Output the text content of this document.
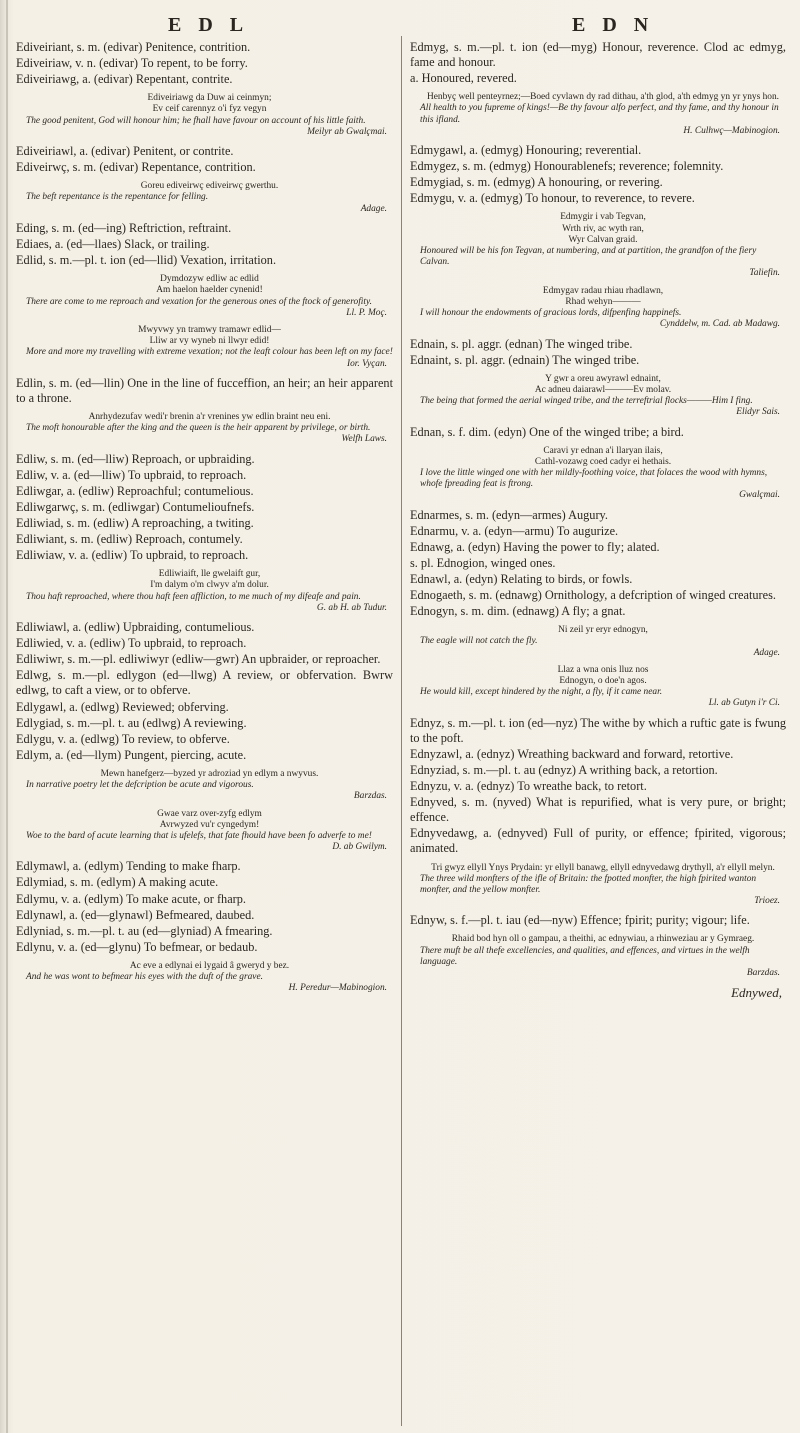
E D L	E D N
Ediveiriant, s. m. (edivar) Penitence, contrition.
Ediveiriaw, v. n. (edivar) To repent, to be forry.
Ediveiriawg, a. (edivar) Repentant, contrite.
Ediveiriawg da Duw ai ceinmyn;
Ev ceif carennyz o'i fyz vegyn
The good penitent, God will honour him; he fhall have favour on account of his little faith.
Meilyr ab Gwalçmai.
Ediveiriawl, a. (edivar) Penitent, or contrite.
Ediveirwç, s. m. (edivar) Repentance, contrition.
Goreu ediveirwç ediveirwç gwerthu.
The beft repentance is the repentance for felling.
Adage.
Eding, s. m. (ed—ing) Reftriction, reftraint.
Ediaes, a. (ed—llaes) Slack, or trailing.
Edlid, s. m.—pl. t. ion (ed—llid) Vexation, irritation.
Dymdozyw edliw ac edlid
Am haelon haelder cynenid!
There are come to me reproach and vexation for the generous ones of the ftock of generofity.
Ll. P. Moç.
Mwyvwy yn tramwy tramawr edlid—
Lliw ar vy wyneb ni llwyr edid!
More and more my travelling with extreme vexation; not the leaft colour has been left on my face!
Ior. Vyçan.
Edlin, s. m. (ed—llin) One in the line of fucceffion, an heir; an heir apparent to a throne.
Anrhydezufav wedi'r brenin a'r vrenines yw edlin braint neu eni.
The moft honourable after the king and the queen is the heir apparent by privilege, or birth.
Welfh Laws.
Edliw, s. m. (ed—lliw) Reproach, or upbraiding.
Edliw, v. a. (ed—lliw) To upbraid, to reproach.
Edliwgar, a. (edliw) Reproachful; contumelious.
Edliwgarwç, s. m. (edliwgar) Contumelioufnefs.
Edliwiad, s. m. (edliw) A reproaching, a twiting.
Edliwiant, s. m. (edliw) Reproach, contumely.
Edliwiaw, v. a. (edliw) To upbraid, to reproach.
Edliwiaift, lle gwelaift gur,
I'm dalym o'm clwyv a'm dolur.
Thou haft reproached, where thou haft feen affliction, to me much of my difeafe and pain.
G. ab H. ab Tudur.
Edliwiawl, a. (edliw) Upbraiding, contumelious.
Edliwied, v. a. (edliw) To upbraid, to reproach.
Edliwiwr, s. m.—pl. edliwiwyr (edliw—gwr) An upbraider, or reproacher.
Edlwg, s. m.—pl. edlygon (ed—llwg) A review, or obfervation. Bwrw edlwg, to caft a view, or to obferve.
Edlygawl, a. (edlwg) Reviewed; obferving.
Edlygiad, s. m.—pl. t. au (edlwg) A reviewing.
Edlygu, v. a. (edlwg) To review, to obferve.
Edlym, a. (ed—llym) Pungent, piercing, acute.
Mewn hanefgerz—byzed yr adroziad yn edlym a nwyvus.
In narrative poetry let the defcription be acute and vigorous.
Barzdas.
Gwae varz over-zyfg edlym
Avrwyzed vu'r cyngedym!
Woe to the bard of acute learning that is ufelefs, that fate fhould have been fo adverfe to me!
D. ab Gwilym.
Edlymawl, a. (edlym) Tending to make fharp.
Edlymiad, s. m. (edlym) A making acute.
Edlymu, v. a. (edlym) To make acute, or fharp.
Edlynawl, a. (ed—glynawl) Befmeared, daubed.
Edlyniad, s. m.—pl. t. au (ed—glyniad) A fmearing.
Edlynu, v. a. (ed—glynu) To befmear, or bedaub.
Ac eve a edlynai ei lygaid â gweryd y bez.
And he was wont to befmear his eyes with the duft of the grave.
H. Peredur—Mabinogion.
Edmyg, s. m.—pl. t. ion (ed—myg) Honour, reverence. Clod ac edmyg, fame and honour.
a. Honoured, revered.
Henbyç well penteyrnez;—Boed cyvlawn dy rad dithau, a'th glod, a'th edmyg yn yr ynys hon.
All health to you fupreme of kings!—Be thy favour alfo perfect, and thy fame, and thy honour in this ifland.
H. Culhwç—Mabinogion.
Edmygawl, a. (edmyg) Honouring; reverential.
Edmygez, s. m. (edmyg) Honourablenefs; reverence; folemnity.
Edmygiad, s. m. (edmyg) A honouring, or revering.
Edmygu, v. a. (edmyg) To honour, to reverence, to revere.
Edmygir i vab Tegvan,
Wrth riv, ac wyth ran,
Wyr Calvan graid.
Honoured will be his fon Tegvan, at numbering, and at partition, the grandfon of the fiery Calvan.
Taliefin.
Edmygav radau rhiau rhadlawn,
Rhad wehyn———
I will honour the endowments of gracious lords, difpenfing happinefs.
Cynddelw, m. Cad. ab Madawg.
Ednain, s. pl. aggr. (ednan) The winged tribe.
Ednaint, s. pl. aggr. (ednain) The winged tribe.
Y gwr a oreu awyrawl ednaint,
Ac adneu daiarawl———Ev molav.
The being that formed the aerial winged tribe, and the terreftrial flocks———Him I fing.
Elidyr Sais.
Ednan, s. f. dim. (edyn) One of the winged tribe; a bird.
Caravi yr ednan a'i llaryan ilais,
Cathl-vozawg coed cadyr ei hethais.
I love the little winged one with her mildly-foothing voice, that folaces the wood with hymns, whofe fpreading feat is ftrong.
Gwalçmai.
Ednarmes, s. m. (edyn—armes) Augury.
Ednarmu, v. a. (edyn—armu) To augurize.
Ednawg, a. (edyn) Having the power to fly; alated.
s. pl. Ednogion, winged ones.
Ednawl, a. (edyn) Relating to birds, or fowls.
Ednogaeth, s. m. (ednawg) Ornithology, a defcription of winged creatures.
Ednogyn, s. m. dim. (ednawg) A fly; a gnat.
Ni zeil yr eryr ednogyn,
The eagle will not catch the fly.
Adage.
Llaz a wna onis lluz nos
Ednogyn, o doe'n agos.
He would kill, except hindered by the night, a fly, if it came near.
Ll. ab Gutyn i'r Ci.
Ednyz, s. m.—pl. t. ion (ed—nyz) The withe by which a ruftic gate is fwung to the poft.
Ednyzawl, a. (ednyz) Wreathing backward and forward, retortive.
Ednyziad, s. m.—pl. t. au (ednyz) A writhing back, a retortion.
Ednyzu, v. a. (ednyz) To wreathe back, to retort.
Ednyved, s. m. (nyved) What is repurified, what is very pure, or bright; effence.
Ednyvedawg, a. (ednyved) Full of purity, or effence; fpirited, vigorous; animated.
Tri gwyz ellyll Ynys Prydain: yr ellyll banawg, ellyll ednyvedawg drythyll, a'r ellyll melyn.
The three wild monfters of the ifle of Britain: the fpotted monfter, the high fpirited wanton monfter, and the yellow monfter.
Trioez.
Ednyw, s. f.—pl. t. iau (ed—nyw) Effence; fpirit; purity; vigour; life.
Rhaid bod hyn oll o gampau, a theithi, ac ednywiau, a rhinweziau ar y Gymraeg.
There muft be all thefe excellencies, and qualities, and effences, and virtues in the welfh language.
Barzdas.
Ednywed,
